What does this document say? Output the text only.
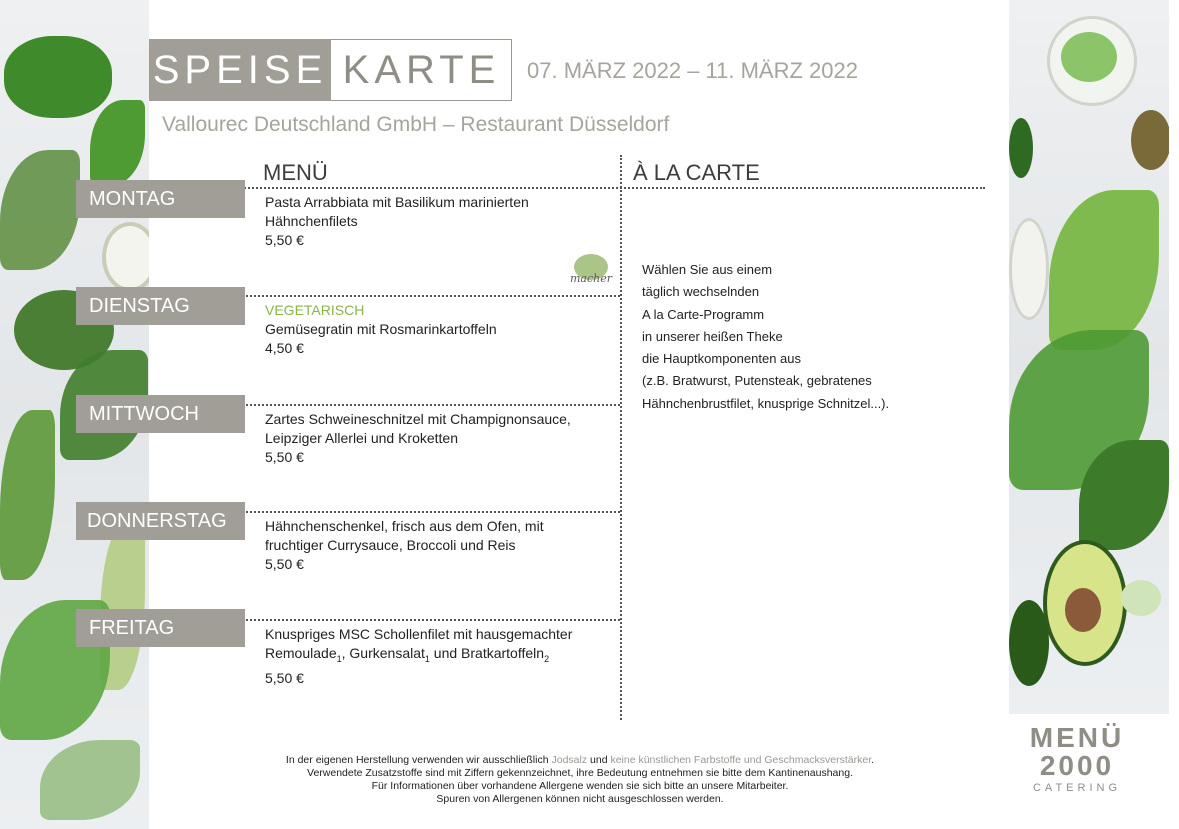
SPEISE KARTE	07. MÄRZ 2022 – 11. MÄRZ 2022
Vallourec Deutschland GmbH – Restaurant Düsseldorf
MENÜ	À LA CARTE
MONTAG	Pasta Arrabbiata mit Basilikum marinierten
Hähnchenfilets
5,50 €
macher
DIENSTAG	VEGETARISCH
Gemüsegratin mit Rosmarinkartoffeln
4,50 €
MITTWOCH	Zartes Schweineschnitzel mit Champignonsauce,
Leipziger Allerlei und Kroketten
5,50 €
DONNERSTAG	Hähnchenschenkel, frisch aus dem Ofen, mit
fruchtiger Currysauce, Broccoli und Reis
5,50 €
FREITAG	Knuspriges MSC Schollenfilet mit hausgemachter
Remoulade$_1$, Gurkensalat$_1$ und Bratkartoffeln$_2$
5,50 €
Wählen Sie aus einem
täglich wechselnden
A la Carte-Programm
in unserer heißen Theke
die Hauptkomponenten aus
(z.B. Bratwurst, Putensteak, gebratenes
Hähnchenbrustfilet, knusprige Schnitzel...).
In der eigenen Herstellung verwenden wir ausschließlich Jodsalz und keine künstlichen Farbstoffe und Geschmacksverstärker.
Verwendete Zusatzstoffe sind mit Ziffern gekennzeichnet, ihre Bedeutung entnehmen sie bitte dem Kantinenaushang.
Für Informationen über vorhandene Allergene wenden sie sich bitte an unsere Mitarbeiter.
Spuren von Allergenen können nicht ausgeschlossen werden.
MENÜ
2000
CATERING
